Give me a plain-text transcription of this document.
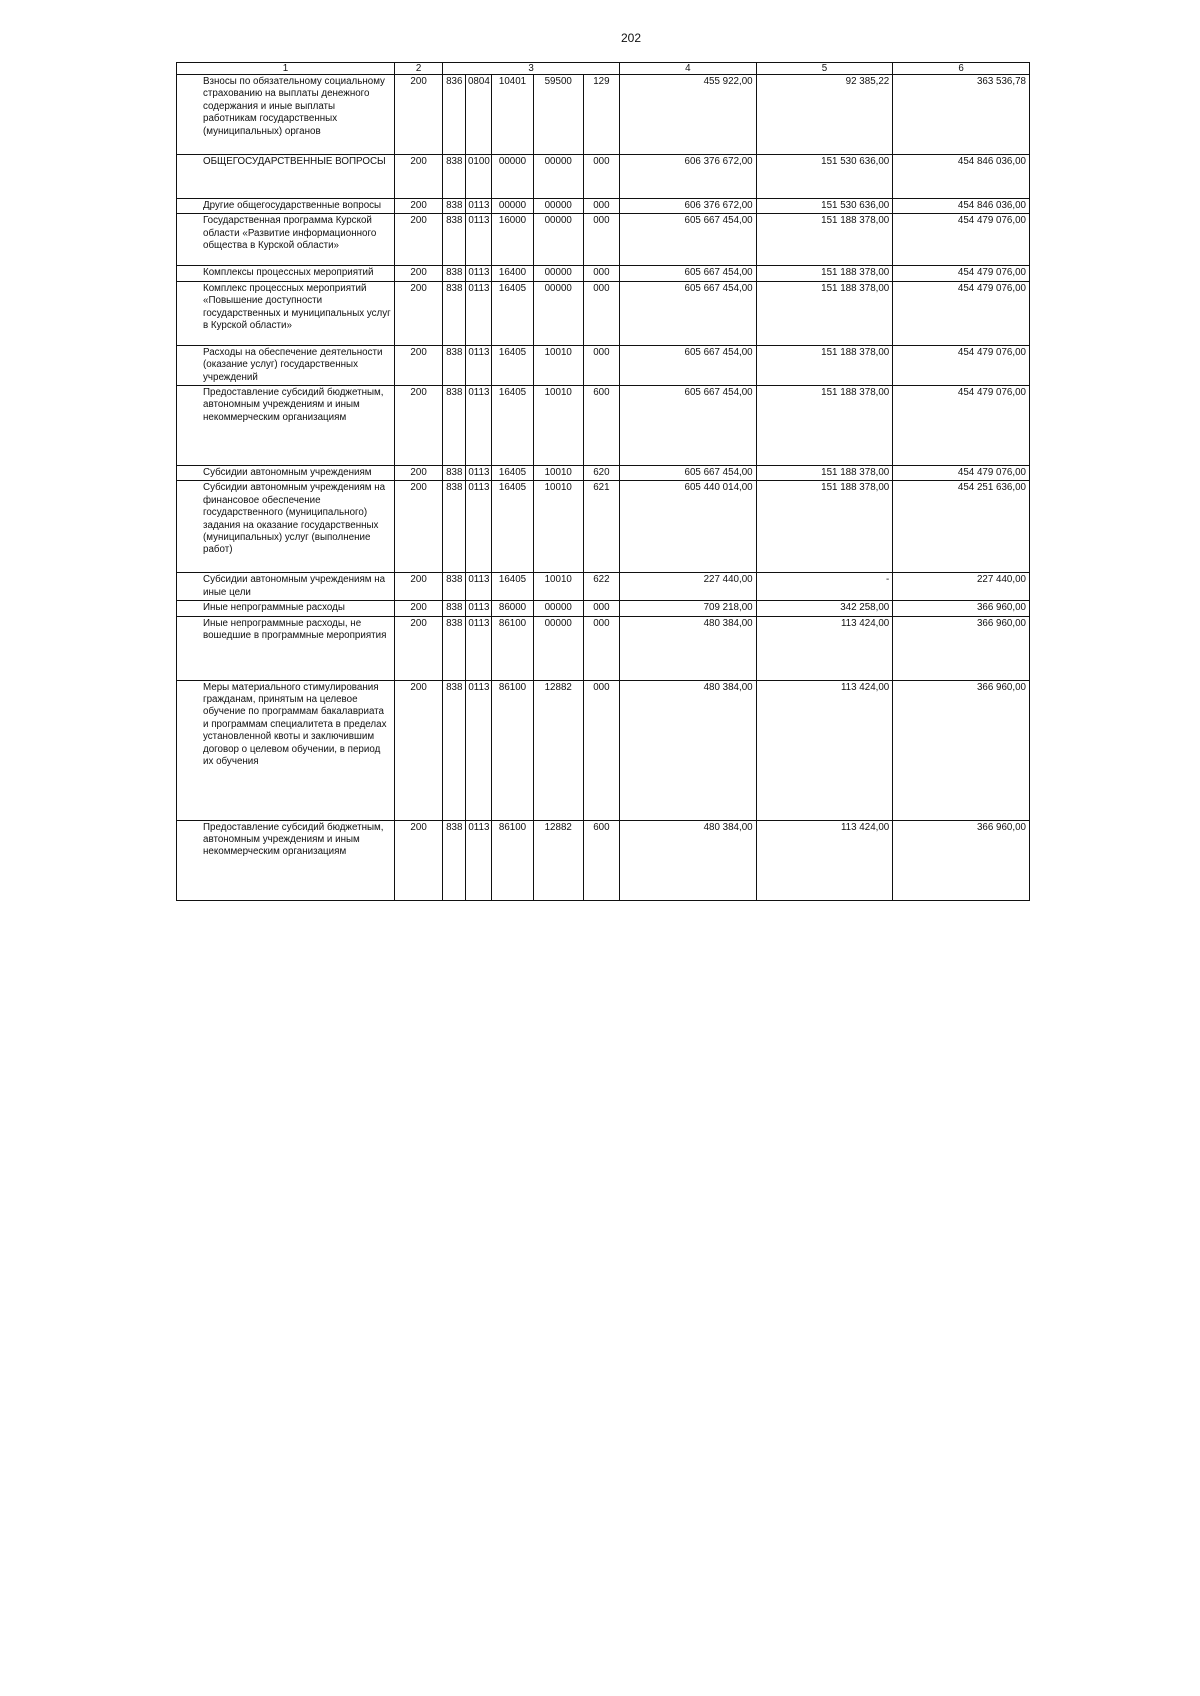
202
1	2	3					4	5	6
Взносы по обязательному социальному страхованию на выплаты денежного содержания и иные выплаты работникам государственных (муниципальных) органов	200	836	0804	10401	59500	129	455 922,00	92 385,22	363 536,78
ОБЩЕГОСУДАРСТВЕННЫЕ ВОПРОСЫ	200	838	0100	00000	00000	000	606 376 672,00	151 530 636,00	454 846 036,00
Другие общегосударственные вопросы	200	838	0113	00000	00000	000	606 376 672,00	151 530 636,00	454 846 036,00
Государственная программа Курской области «Развитие информационного общества в Курской области»	200	838	0113	16000	00000	000	605 667 454,00	151 188 378,00	454 479 076,00
Комплексы процессных мероприятий	200	838	0113	16400	00000	000	605 667 454,00	151 188 378,00	454 479 076,00
Комплекс процессных мероприятий «Повышение доступности государственных и муниципальных услуг в Курской области»	200	838	0113	16405	00000	000	605 667 454,00	151 188 378,00	454 479 076,00
Расходы на обеспечение деятельности (оказание услуг) государственных учреждений	200	838	0113	16405	10010	000	605 667 454,00	151 188 378,00	454 479 076,00
Предоставление субсидий бюджетным, автономным учреждениям и иным некоммерческим организациям	200	838	0113	16405	10010	600	605 667 454,00	151 188 378,00	454 479 076,00
Субсидии автономным учреждениям	200	838	0113	16405	10010	620	605 667 454,00	151 188 378,00	454 479 076,00
Субсидии автономным учреждениям на финансовое обеспечение государственного (муниципального) задания на оказание государственных (муниципальных) услуг (выполнение работ)	200	838	0113	16405	10010	621	605 440 014,00	151 188 378,00	454 251 636,00
Субсидии автономным учреждениям на иные цели	200	838	0113	16405	10010	622	227 440,00	-	227 440,00
Иные непрограммные расходы	200	838	0113	86000	00000	000	709 218,00	342 258,00	366 960,00
Иные непрограммные расходы, не вошедшие в программные мероприятия	200	838	0113	86100	00000	000	480 384,00	113 424,00	366 960,00
Меры материального стимулирования гражданам, принятым на целевое обучение по программам бакалавриата и программам специалитета в пределах установленной квоты и заключившим договор о целевом обучении, в период их обучения	200	838	0113	86100	12882	000	480 384,00	113 424,00	366 960,00
Предоставление субсидий бюджетным, автономным учреждениям и иным некоммерческим организациям	200	838	0113	86100	12882	600	480 384,00	113 424,00	366 960,00
